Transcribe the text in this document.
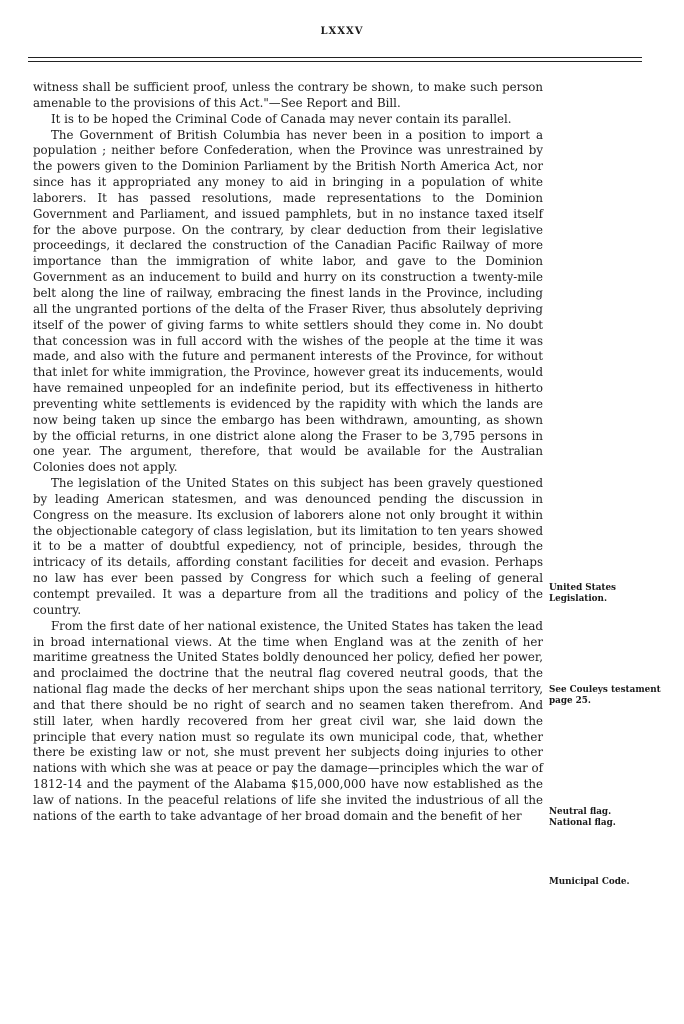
LXXXV

witness shall be sufficient proof, unless the contrary be shown, to make such person amenable to the provisions of this Act."—See Report and Bill.

It is to be hoped the Criminal Code of Canada may never contain its parallel.

The Government of British Columbia has never been in a position to import a population ; neither before Confederation, when the Province was unrestrained by the powers given to the Dominion Parliament by the British North America Act, nor since has it appropriated any money to aid in bringing in a population of white laborers. It has passed resolutions, made representations to the Dominion Government and Parliament, and issued pamphlets, but in no instance taxed itself for the above purpose. On the contrary, by clear deduction from their legislative proceedings, it declared the construction of the Canadian Pacific Railway of more importance than the immigration of white labor, and gave to the Dominion Government as an inducement to build and hurry on its construction a twenty-mile belt along the line of railway, embracing the finest lands in the Province, including all the ungranted portions of the delta of the Fraser River, thus absolutely depriving itself of the power of giving farms to white settlers should they come in. No doubt that concession was in full accord with the wishes of the people at the time it was made, and also with the future and permanent interests of the Province, for without that inlet for white immigration, the Province, however great its inducements, would have remained unpeopled for an indefinite period, but its effectiveness in hitherto preventing white settlements is evidenced by the rapidity with which the lands are now being taken up since the embargo has been withdrawn, amounting, as shown by the official returns, in one district alone along the Fraser to be 3,795 persons in one year. The argument, therefore, that would be available for the Australian Colonies does not apply.

The legislation of the United States on this subject has been gravely questioned by leading American statesmen, and was denounced pending the discussion in Congress on the measure. Its exclusion of laborers alone not only brought it within the objectionable category of class legislation, but its limitation to ten years showed it to be a matter of doubtful expediency, not of principle, besides, through the intricacy of its details, affording constant facilities for deceit and evasion. Perhaps no law has ever been passed by Congress for which such a feeling of general contempt prevailed. It was a departure from all the traditions and policy of the country.

From the first date of her national existence, the United States has taken the lead in broad international views. At the time when England was at the zenith of her maritime greatness the United States boldly denounced her policy, defied her power, and proclaimed the doctrine that the neutral flag covered neutral goods, that the national flag made the decks of her merchant ships upon the seas national territory, and that there should be no right of search and no seamen taken therefrom. And still later, when hardly recovered from her great civil war, she laid down the principle that every nation must so regulate its own municipal code, that, whether there be existing law or not, she must prevent her subjects doing injuries to other nations with which she was at peace or pay the damage—principles which the war of 1812-14 and the payment of the Alabama $15,000,000 have now established as the law of nations. In the peaceful relations of life she invited the industrious of all the nations of the earth to take advantage of her broad domain and the benefit of her

United States Legislation.
See Couleys testament page 25.
Neutral flag.
National flag.
Municipal Code.
